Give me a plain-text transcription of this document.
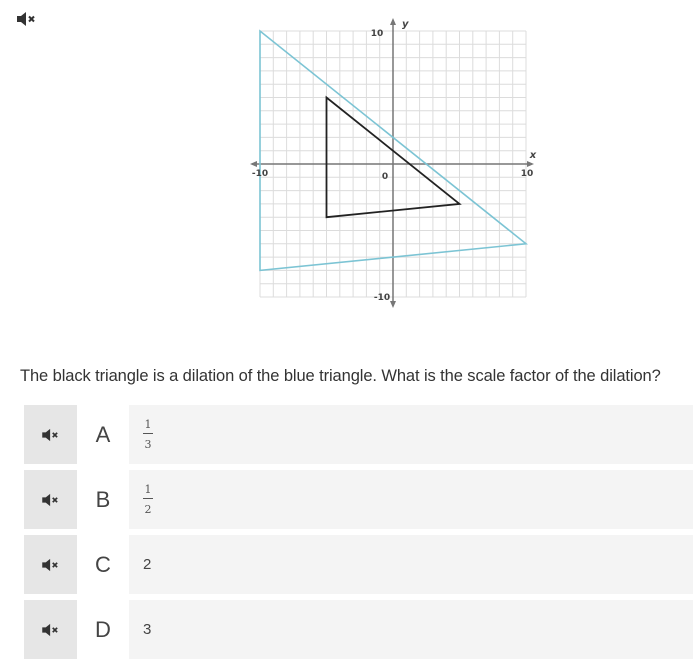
10
y
-10	10
x
0
-10
The black triangle is a dilation of the blue triangle. What is the scale factor of the dilation?
A	$\frac{1}{3}$
B	$\frac{1}{2}$
C	2
D	3
